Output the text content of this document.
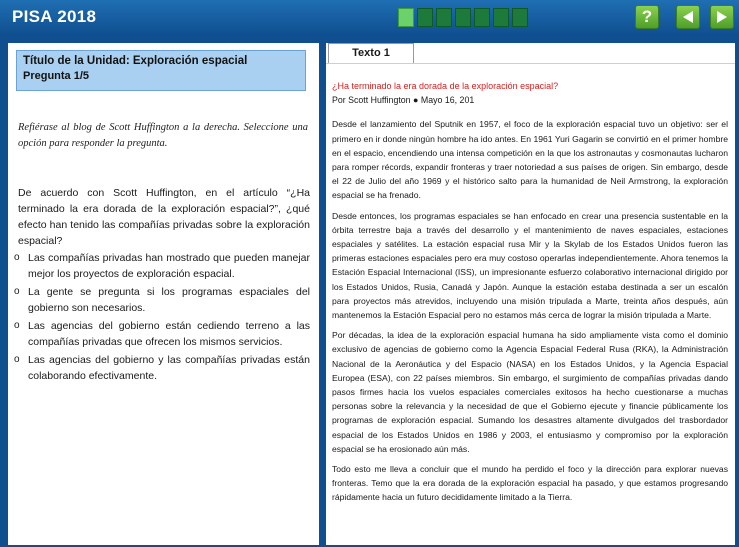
PISA 2018	?
Título de la Unidad: Exploración espacial
Pregunta 1/5
Refiérase al blog de Scott Huffington a la derecha. Seleccione una opción para responder la pregunta.
De acuerdo con Scott Huffington, en el artículo “¿Ha terminado la era dorada de la exploración espacial?”, ¿qué efecto han tenido las compañías privadas sobre la exploración espacial?
o Las compañías privadas han mostrado que pueden manejar mejor los proyectos de exploración espacial.
o La gente se pregunta si los programas espaciales del gobierno son necesarios.
o Las agencias del gobierno están cediendo terreno a las compañías privadas que ofrecen los mismos servicios.
o Las agencias del gobierno y las compañías privadas están colaborando efectivamente.
Texto 1
¿Ha terminado la era dorada de la exploración espacial?
Por Scott Huffington ● Mayo 16, 201

Desde el lanzamiento del Sputnik en 1957, el foco de la exploración espacial tuvo un objetivo: ser el primero en ir donde ningún hombre ha ido antes. En 1961 Yuri Gagarin se convirtió en el primer hombre en el espacio, encendiendo una intensa competición en la que los astronautas y cosmonautas lucharon para romper récords, expandir fronteras y traer notoriedad a sus países de origen. Sin embargo, desde el 22 de Julio del año 1969 y el histórico salto para la humanidad de Neil Armstrong, la exploración espacial se ha frenado.

Desde entonces, los programas espaciales se han enfocado en crear una presencia sustentable en la órbita terrestre baja a través del desarrollo y el mantenimiento de naves espaciales, estaciones espaciales y satélites. La estación espacial rusa Mir y la Skylab de los Estados Unidos fueron las primeras estaciones espaciales pero era muy costoso operarlas independientemente. Ahora tenemos la Estación Espacial Internacional (ISS), un impresionante esfuerzo colaborativo internacional dirigido por los Estados Unidos, Rusia, Canadá y Japón. Aunque la estación estaba destinada a ser un escalón para proyectos más atrevidos, incluyendo una misión tripulada a Marte, treinta años después, aún mantenemos la Estación Espacial pero no estamos más cerca de lograr la misión tripulada a Marte.

Por décadas, la idea de la exploración espacial humana ha sido ampliamente vista como el dominio exclusivo de agencias de gobierno como la Agencia Espacial Federal Rusa (RKA), la Administración Nacional de la Aeronáutica y del Espacio (NASA) en los Estados Unidos, y la Agencia Espacial Europea (ESA), con 22 países miembros. Sin embargo, el surgimiento de compañías privadas dando pasos firmes hacia los vuelos espaciales comerciales exitosos ha hecho cuestionarse a muchas personas sobre la relevancia y la necesidad de que el Gobierno ejecute y financie públicamente los programas de exploración espacial. Sumando los desastres altamente divulgados del trasbordador espacial de los Estados Unidos en 1986 y 2003, el entusiasmo y compromiso por la exploración espacial se ha erosionado aún más.

Todo esto me lleva a concluir que el mundo ha perdido el foco y la dirección para explorar nuevas fronteras. Temo que la era dorada de la exploración espacial ha pasado, y que estamos progresando rápidamente hacia un futuro decididamente limitado a la Tierra.
